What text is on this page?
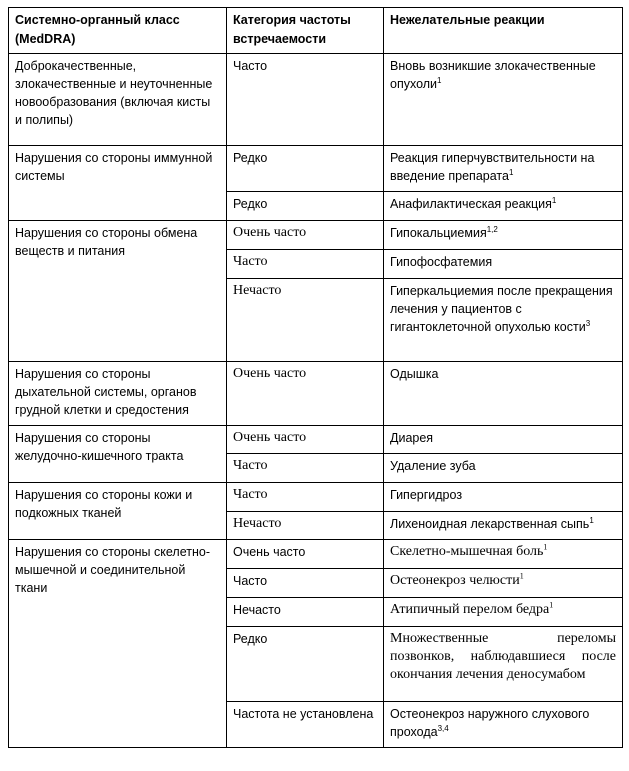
Системно-органный класс (MedDRA)	Категория частоты встречаемости	Нежелательные реакции
Доброкачественные, злокачественные и неуточненные новообразования (включая кисты и полипы)	Часто	Вновь возникшие злокачественные опухоли$^1$
Нарушения со стороны иммунной системы	Редко	Реакция гиперчувствительности на введение препарата$^1$
	Редко	Анафилактическая реакция$^1$
Нарушения со стороны обмена веществ и питания	Очень часто	Гипокальциемия$^{1,2}$
	Часто	Гипофосфатемия
	Нечасто	Гиперкальциемия после прекращения лечения у пациентов с гигантоклеточной опухолью кости$^3$
Нарушения со стороны дыхательной системы, органов грудной клетки и средостения	Очень часто	Одышка
Нарушения со стороны желудочно-кишечного тракта	Очень часто	Диарея
	Часто	Удаление зуба
Нарушения со стороны кожи и подкожных тканей	Часто	Гипергидроз
	Нечасто	Лихеноидная лекарственная сыпь$^1$
Нарушения со стороны скелетно-мышечной и соединительной ткани	Очень часто	Скелетно-мышечная боль$^1$
	Часто	Остеонекроз челюсти$^1$
	Нечасто	Атипичный перелом бедра$^1$
	Редко	Множественные переломы позвонков, наблюдавшиеся после окончания лечения деносумабом
	Частота не установлена	Остеонекроз наружного слухового прохода$^{3,4}$
